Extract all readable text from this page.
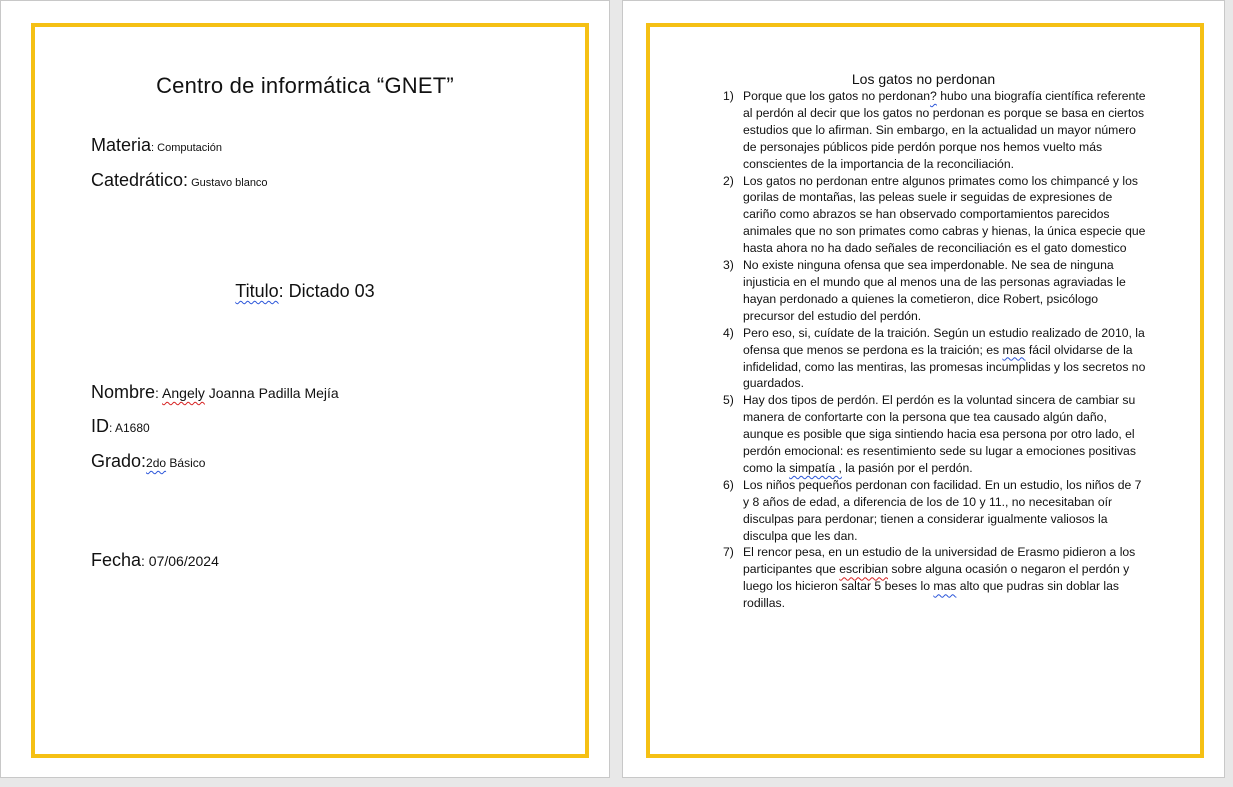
Centro de informática “GNET”
Materia: Computación
Catedrático: Gustavo blanco
Titulo: Dictado 03
Nombre: Angely Joanna Padilla Mejía
ID: A1680
Grado:2do Básico
Fecha: 07/06/2024
Los gatos no perdonan
1) Porque que los gatos no perdonan? hubo una biografía científica referente al perdón al decir que los gatos no perdonan es porque se basa en ciertos estudios que lo afirman. Sin embargo, en la actualidad un mayor número de personajes públicos pide perdón porque nos hemos vuelto más conscientes de la importancia de la reconciliación.
2) Los gatos no perdonan entre algunos primates como los chimpancé y los gorilas de montañas, las peleas suele ir seguidas de expresiones de cariño como abrazos se han observado comportamientos parecidos animales que no son primates como cabras y hienas, la única especie que hasta ahora no ha dado señales de reconciliación es el gato domestico
3) No existe ninguna ofensa que sea imperdonable. Ne sea de ninguna injusticia en el mundo que al menos una de las personas agraviadas le hayan perdonado a quienes la cometieron, dice Robert, psicólogo precursor del estudio del perdón.
4) Pero eso, si, cuídate de la traición. Según un estudio realizado de 2010, la ofensa que menos se perdona es la traición; es mas fácil olvidarse de la infidelidad, como las mentiras, las promesas incumplidas y los secretos no guardados.
5) Hay dos tipos de perdón. El perdón es la voluntad sincera de cambiar su manera de confortarte con la persona que tea causado algún daño, aunque es posible que siga sintiendo hacia esa persona por otro lado, el perdón emocional: es resentimiento sede su lugar a emociones positivas como la simpatía , la pasión por el perdón.
6) Los niños pequeños perdonan con facilidad. En un estudio, los niños de 7 y 8 años de edad, a diferencia de los de 10 y 11., no necesitaban oír disculpas para perdonar; tienen a considerar igualmente valiosos la disculpa que les dan.
7) El rencor pesa, en un estudio de la universidad de Erasmo pidieron a los participantes que escribian sobre alguna ocasión o negaron el perdón y luego los hicieron saltar 5 beses lo mas alto que pudras sin doblar las rodillas.
